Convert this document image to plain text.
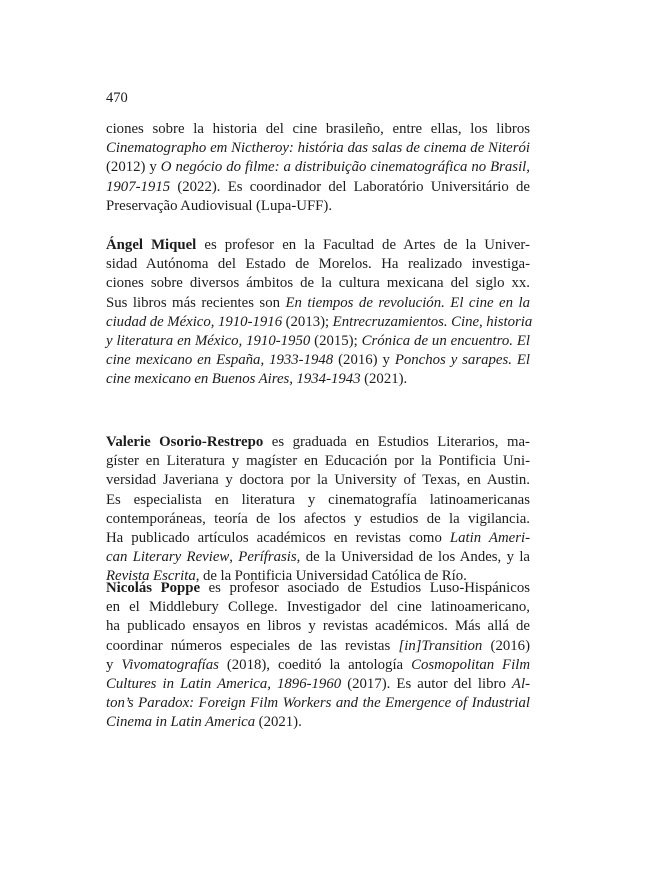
470
ciones sobre la historia del cine brasileño, entre ellas, los libros
Cinematographo em Nictheroy: história das salas de cinema de Niterói
(2012) y O negócio do filme: a distribuição cinematográfica no Brasil,
1907-1915 (2022). Es coordinador del Laboratório Universitário de
Preservação Audiovisual (Lupa-UFF).
Ángel Miquel es profesor en la Facultad de Artes de la Univer-
sidad Autónoma del Estado de Morelos. Ha realizado investiga-
ciones sobre diversos ámbitos de la cultura mexicana del siglo xx.
Sus libros más recientes son En tiempos de revolución. El cine en la
ciudad de México, 1910-1916 (2013); Entrecruzamientos. Cine, historia
y literatura en México, 1910-1950 (2015); Crónica de un encuentro. El
cine mexicano en España, 1933-1948 (2016) y Ponchos y sarapes. El
cine mexicano en Buenos Aires, 1934-1943 (2021).
Valerie Osorio-Restrepo es graduada en Estudios Literarios, ma-
gíster en Literatura y magíster en Educación por la Pontificia Uni-
versidad Javeriana y doctora por la University of Texas, en Austin.
Es especialista en literatura y cinematografía latinoamericanas
contemporáneas, teoría de los afectos y estudios de la vigilancia.
Ha publicado artículos académicos en revistas como Latin Ameri-
can Literary Review, Perífrasis, de la Universidad de los Andes, y la
Revista Escrita, de la Pontificia Universidad Católica de Río.
Nicolás Poppe es profesor asociado de Estudios Luso-Hispánicos
en el Middlebury College. Investigador del cine latinoamericano,
ha publicado ensayos en libros y revistas académicos. Más allá de
coordinar números especiales de las revistas [in]Transition (2016)
y Vivomatografías (2018), coeditó la antología Cosmopolitan Film
Cultures in Latin America, 1896-1960 (2017). Es autor del libro Al-
ton’s Paradox: Foreign Film Workers and the Emergence of Industrial
Cinema in Latin America (2021).
